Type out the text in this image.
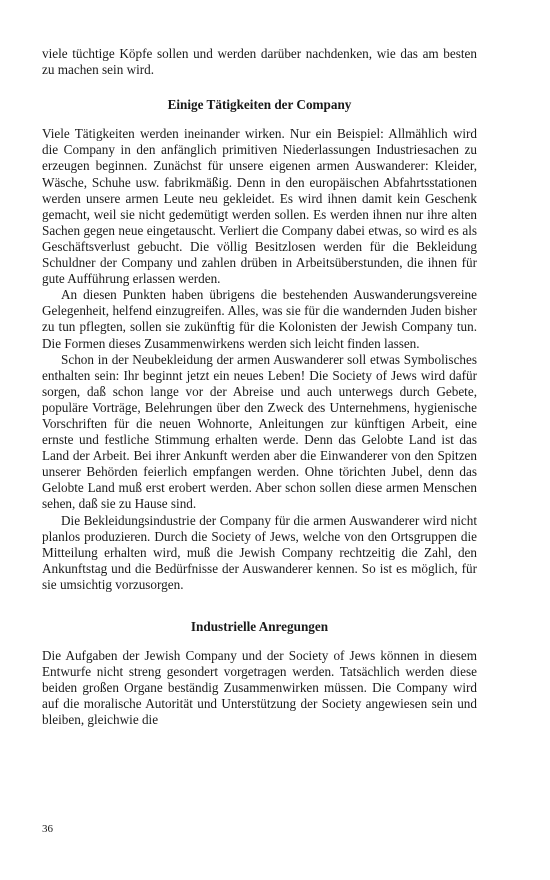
viele tüchtige Köpfe sollen und werden darüber nachdenken, wie das am besten zu machen sein wird.

Einige Tätigkeiten der Company

Viele Tätigkeiten werden ineinander wirken. Nur ein Beispiel: Allmählich wird die Company in den anfänglich primitiven Niederlassungen Industriesachen zu erzeugen beginnen. Zunächst für unsere eigenen armen Auswanderer: Kleider, Wäsche, Schuhe usw. fabrikmäßig. Denn in den europäischen Abfahrtsstationen werden unsere armen Leute neu gekleidet. Es wird ihnen damit kein Geschenk gemacht, weil sie nicht gedemütigt werden sollen. Es werden ihnen nur ihre alten Sachen gegen neue eingetauscht. Verliert die Company dabei etwas, so wird es als Geschäftsverlust gebucht. Die völlig Besitzlosen werden für die Bekleidung Schuldner der Company und zahlen drüben in Arbeitsüberstunden, die ihnen für gute Aufführung erlassen werden.

An diesen Punkten haben übrigens die bestehenden Auswanderungsvereine Gelegenheit, helfend einzugreifen. Alles, was sie für die wandernden Juden bisher zu tun pflegten, sollen sie zukünftig für die Kolonisten der Jewish Company tun. Die Formen dieses Zusammenwirkens werden sich leicht finden lassen.

Schon in der Neubekleidung der armen Auswanderer soll etwas Symbolisches enthalten sein: Ihr beginnt jetzt ein neues Leben! Die Society of Jews wird dafür sorgen, daß schon lange vor der Abreise und auch unterwegs durch Gebete, populäre Vorträge, Belehrungen über den Zweck des Unternehmens, hygienische Vorschriften für die neuen Wohnorte, Anleitungen zur künftigen Arbeit, eine ernste und festliche Stimmung erhalten werde. Denn das Gelobte Land ist das Land der Arbeit. Bei ihrer Ankunft werden aber die Einwanderer von den Spitzen unserer Behörden feierlich empfangen werden. Ohne törichten Jubel, denn das Gelobte Land muß erst erobert werden. Aber schon sollen diese armen Menschen sehen, daß sie zu Hause sind.

Die Bekleidungsindustrie der Company für die armen Auswanderer wird nicht planlos produzieren. Durch die Society of Jews, welche von den Ortsgruppen die Mitteilung erhalten wird, muß die Jewish Company rechtzeitig die Zahl, den Ankunftstag und die Bedürfnisse der Auswanderer kennen. So ist es möglich, für sie umsichtig vorzusorgen.

Industrielle Anregungen

Die Aufgaben der Jewish Company und der Society of Jews können in diesem Entwurfe nicht streng gesondert vorgetragen werden. Tatsächlich werden diese beiden großen Organe beständig Zusammenwirken müssen. Die Company wird auf die moralische Autorität und Unterstützung der Society angewiesen sein und bleiben, gleichwie die

36
